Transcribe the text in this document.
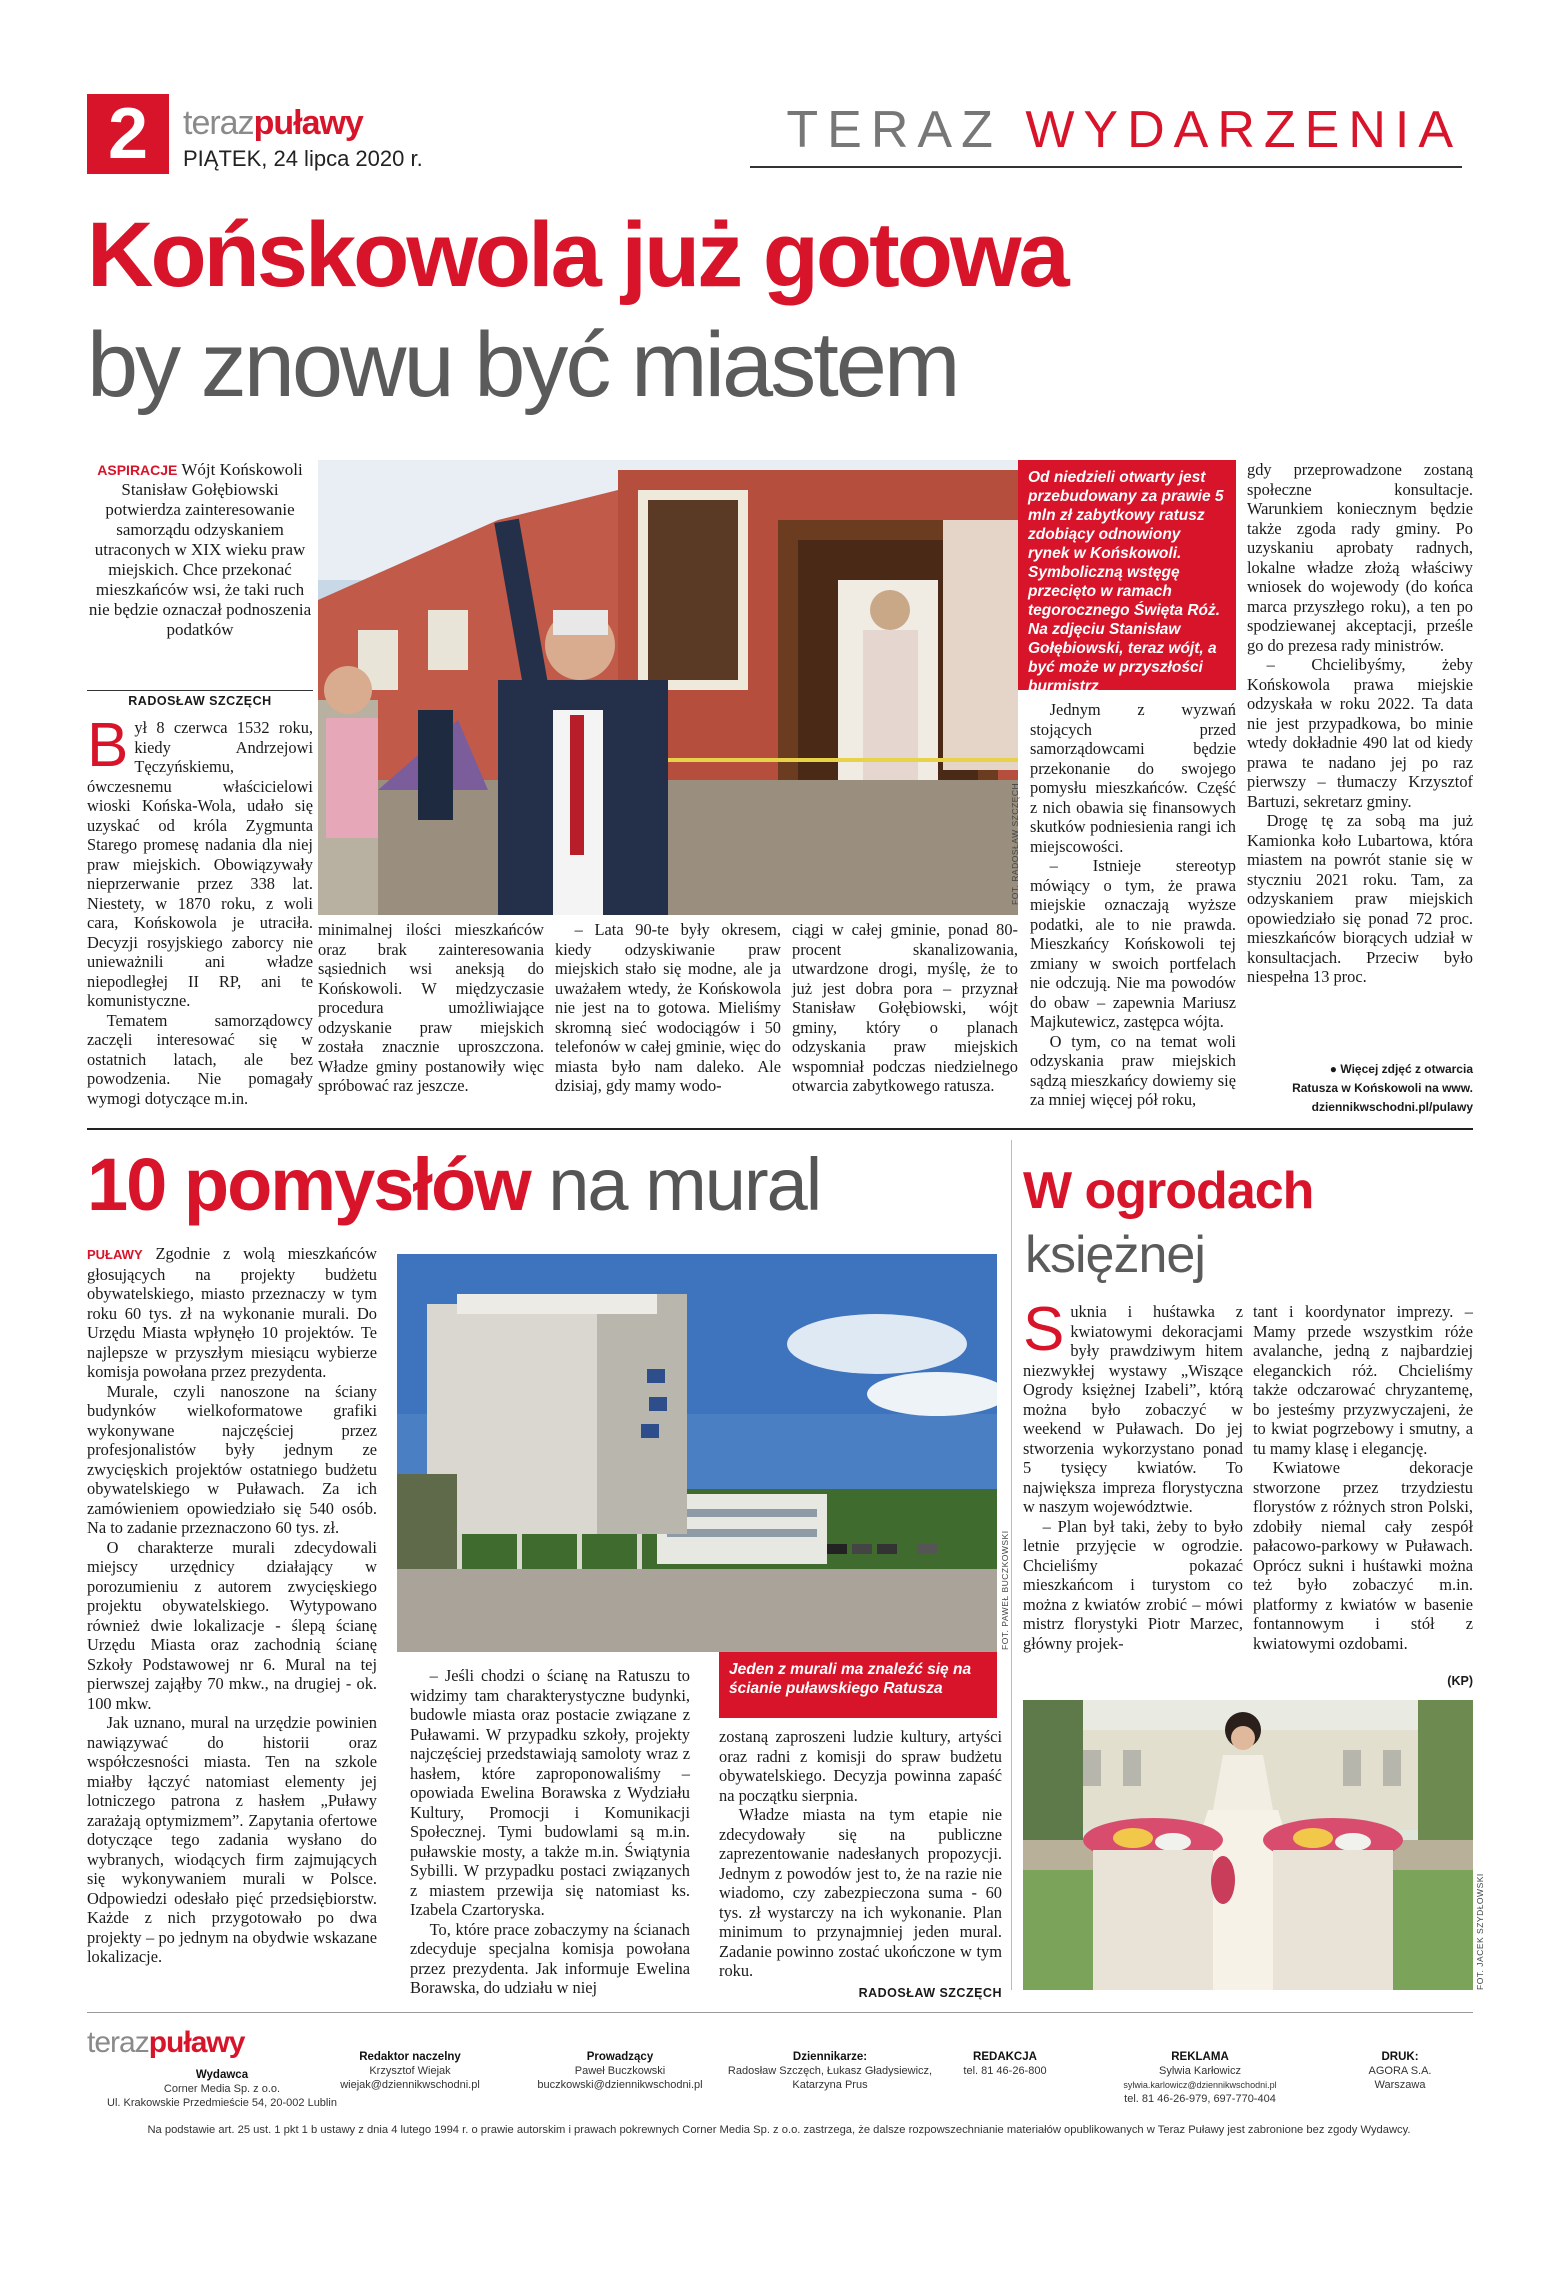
2	terazpuławy
PIĄTEK, 24 lipca 2020 r.	TERAZ WYDARZENIA
Końskowola już gotowa
by znowu być miastem
ASPIRACJE Wójt Końskowoli Stanisław Gołębiowski potwierdza zainteresowanie samorządu odzyskaniem utraconych w XIX wieku praw miejskich. Chce przekonać mieszkańców wsi, że taki ruch nie będzie oznaczał podnoszenia podatków
RADOSŁAW SZCZĘCH

Był 8 czerwca 1532 roku, kiedy Andrzejowi Tęczyńskiemu, ówczesnemu właścicielowi wioski Końska-Wola, udało się uzyskać od króla Zygmunta Starego promesę nadania dla niej praw miejskich. Obowiązywały nieprzerwanie przez 338 lat. Niestety, w 1870 roku, z woli cara, Końskowola je utraciła. Decyzji rosyjskiego zaborcy nie unieważnili ani władze niepodległej II RP, ani te komunistyczne.

Tematem samorządowcy zaczęli interesować się w ostatnich latach, ale bez powodzenia. Nie pomagały wymogi dotyczące m.in.

Od niedzieli otwarty jest przebudowany za prawie 5 mln zł zabytkowy ratusz zdobiący odnowiony rynek w Końskowoli. Symboliczną wstęgę przecięto w ramach tegorocznego Święta Róż. Na zdjęciu Stanisław Gołębiowski, teraz wójt, a być może w przyszłości burmistrz
FOT. RADOSŁAW SZCZĘCH

minimalnej ilości mieszkańców oraz brak zainteresowania sąsiednich wsi aneksją do Końskowoli. W międzyczasie procedura umożliwiające odzyskanie praw miejskich została znacznie uproszczona. Władze gminy postanowiły więc spróbować raz jeszcze.

– Lata 90-te były okresem, kiedy odzyskiwanie praw miejskich stało się modne, ale ja uważałem wtedy, że Końskowola nie jest na to gotowa. Mieliśmy skromną sieć wodociągów i 50 telefonów w całej gminie, więc do miasta było nam daleko. Ale dzisiaj, gdy mamy wodo-

ciągi w całej gminie, ponad 80-procent skanalizowania, utwardzone drogi, myślę, że to już jest dobra pora – przyznał Stanisław Gołębiowski, wójt gminy, który o planach odzyskania praw miejskich wspomniał podczas niedzielnego otwarcia zabytkowego ratusza.

Jednym z wyzwań stojących przed samorządowcami będzie przekonanie do swojego pomysłu mieszkańców. Część z nich obawia się finansowych skutków podniesienia rangi ich miejscowości.

– Istnieje stereotyp mówiący o tym, że prawa miejskie oznaczają wyższe podatki, ale to nie prawda. Mieszkańcy Końskowoli tej zmiany w swoich portfelach nie odczują. Nie ma powodów do obaw – zapewnia Mariusz Majkutewicz, zastępca wójta.

O tym, co na temat woli odzyskania praw miejskich sądzą mieszkańcy dowiemy się za mniej więcej pół roku,

gdy przeprowadzone zostaną społeczne konsultacje. Warunkiem koniecznym będzie także zgoda rady gminy. Po uzyskaniu aprobaty radnych, lokalne władze złożą właściwy wniosek do wojewody (do końca marca przyszłego roku), a ten po spodziewanej akceptacji, prześle go do prezesa rady ministrów.

– Chcielibyśmy, żeby Końskowola prawa miejskie odzyskała w roku 2022. Ta data nie jest przypadkowa, bo minie wtedy dokładnie 490 lat od kiedy prawa te nadano jej po raz pierwszy – tłumaczy Krzysztof Bartuzi, sekretarz gminy.

Drogę tę za sobą ma już Kamionka koło Lubartowa, która miastem na powrót stanie się w styczniu 2021 roku. Tam, za odzyskaniem praw miejskich opowiedziało się ponad 72 proc. mieszkańców biorących udział w konsultacjach. Przeciw było niespełna 13 proc.

● Więcej zdjęć z otwarcia
Ratusza w Końskowoli na www.
dziennikwschodni.pl/pulawy
10 pomysłów na mural

PUŁAWY Zgodnie z wolą mieszkańców głosujących na projekty budżetu obywatelskiego, miasto przeznaczy w tym roku 60 tys. zł na wykonanie murali. Do Urzędu Miasta wpłynęło 10 projektów. Te najlepsze w przyszłym miesiącu wybierze komisja powołana przez prezydenta.

Murale, czyli nanoszone na ściany budynków wielkoformatowe grafiki wykonywane najczęściej przez profesjonalistów były jednym ze zwycięskich projektów ostatniego budżetu obywatelskiego w Puławach. Za ich zamówieniem opowiedziało się 540 osób. Na to zadanie przeznaczono 60 tys. zł.

O charakterze murali zdecydowali miejscy urzędnicy działający w porozumieniu z autorem zwycięskiego projektu obywatelskiego. Wytypowano również dwie lokalizacje - ślepą ścianę Urzędu Miasta oraz zachodnią ścianę Szkoły Podstawowej nr 6. Mural na tej pierwszej zająłby 70 mkw., na drugiej - ok. 100 mkw.

Jak uznano, mural na urzędzie powinien nawiązywać do historii oraz współczesności miasta. Ten na szkole miałby łączyć natomiast elementy jej lotniczego patrona z hasłem „Puławy zarażają optymizmem”. Zapytania ofertowe dotyczące tego zadania wysłano do wybranych, wiodących firm zajmujących się wykonywaniem murali w Polsce. Odpowiedzi odesłało pięć przedsiębiorstw. Każde z nich przygotowało po dwa projekty – po jednym na obydwie wskazane lokalizacje.

FOT. PAWEŁ BUCZKOWSKI
Jeden z murali ma znaleźć się na ścianie puławskiego Ratusza

– Jeśli chodzi o ścianę na Ratuszu to widzimy tam charakterystyczne budynki, budowle miasta oraz postacie związane z Puławami. W przypadku szkoły, projekty najczęściej przedstawiają samoloty wraz z hasłem, które zaproponowaliśmy – opowiada Ewelina Borawska z Wydziału Kultury, Promocji i Komunikacji Społecznej. Tymi budowlami są m.in. puławskie mosty, a także m.in. Świątynia Sybilli. W przypadku postaci związanych z miastem przewija się natomiast ks. Izabela Czartoryska.

To, które prace zobaczymy na ścianach zdecyduje specjalna komisja powołana przez prezydenta. Jak informuje Ewelina Borawska, do udziału w niej

zostaną zaproszeni ludzie kultury, artyści oraz radni z komisji do spraw budżetu obywatelskiego. Decyzja powinna zapaść na początku sierpnia.

Władze miasta na tym etapie nie zdecydowały się na publiczne zaprezentowanie nadesłanych propozycji. Jednym z powodów jest to, że na razie nie wiadomo, czy zabezpieczona suma - 60 tys. zł wystarczy na ich wykonanie. Plan minimum to przynajmniej jeden mural. Zadanie powinno zostać ukończone w tym roku.

RADOSŁAW SZCZĘCH
W ogrodach
księżnej

Suknia i huśtawka z kwiatowymi dekoracjami były prawdziwym hitem niezwykłej wystawy „Wiszące Ogrody księżnej Izabeli”, którą można było zobaczyć w weekend w Puławach. Do jej stworzenia wykorzystano ponad 5 tysięcy kwiatów. To największa impreza florystyczna w naszym województwie.

– Plan był taki, żeby to było letnie przyjęcie w ogrodzie. Chcieliśmy pokazać mieszkańcom i turystom co można z kwiatów zrobić – mówi mistrz florystyki Piotr Marzec, główny projek-

tant i koordynator imprezy. – Mamy przede wszystkim róże avalanche, jedną z najbardziej eleganckich róż. Chcieliśmy także odczarować chryzantemę, bo jesteśmy przyzwyczajeni, że to kwiat pogrzebowy i smutny, a tu mamy klasę i elegancję.

Kwiatowe dekoracje stworzone przez trzydziestu florystów z różnych stron Polski, zdobiły niemal cały zespół pałacowo-parkowy w Puławach. Oprócz sukni i huśtawki można też było zobaczyć m.in. platformy z kwiatów w basenie fontannowym i stół z kwiatowymi ozdobami.

(KP)
FOT. JACEK SZYDŁOWSKI
terazpuławy
Wydawca
Corner Media Sp. z o.o.
Ul. Krakowskie Przedmieście 54, 20-002 Lublin
Redaktor naczelny
Krzysztof Wiejak
wiejak@dziennikwschodni.pl
Prowadzący
Paweł Buczkowski
buczkowski@dziennikwschodni.pl
Dziennikarze:
Radosław Szczęch, Łukasz Gładysiewicz,
Katarzyna Prus
REDAKCJA
tel. 81 46-26-800
REKLAMA
Sylwia Karłowicz
sylwia.karlowicz@dziennikwschodni.pl
tel. 81 46-26-979, 697-770-404
DRUK:
AGORA S.A.
Warszawa
Na podstawie art. 25 ust. 1 pkt 1 b ustawy z dnia 4 lutego 1994 r. o prawie autorskim i prawach pokrewnych Corner Media Sp. z o.o. zastrzega, że dalsze rozpowszechnianie materiałów opublikowanych w Teraz Puławy jest zabronione bez zgody Wydawcy.
